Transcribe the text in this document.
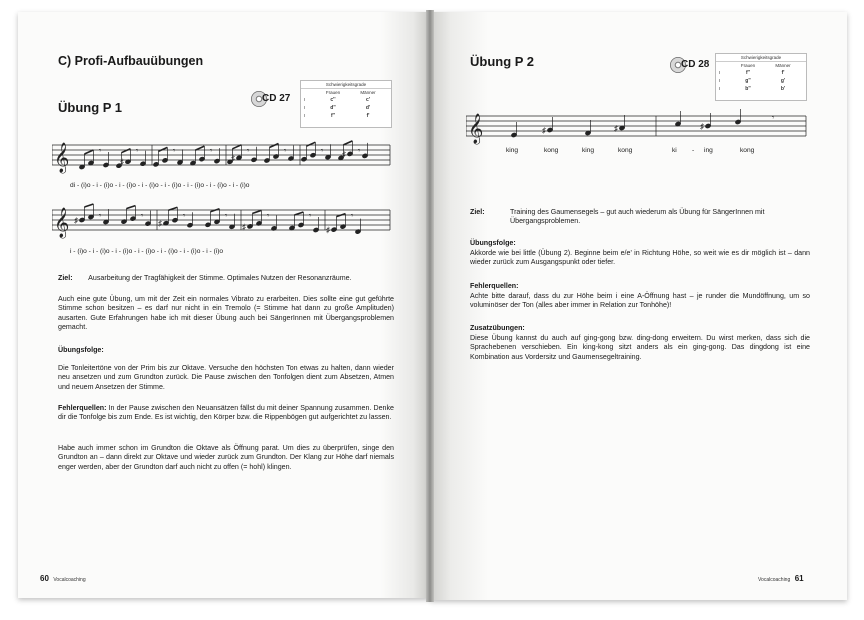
C) Profi-Aufbauübungen
Übung P 1
CD 27
Schwierigkeitsgrade
Frauen	Männer
I	c''	c'
I	d''	d'
I	f''	f'
𝄞	𝄾
♯
𝄾	𝄾	𝄾
♯
𝄾	𝄾	𝄾 ♯ 𝄾
di - (i)o - i - (i)o - i - (i)o - i - (i)o - i - (i)o - i - (i)o - i - (i)o - i - (i)o
𝄞 ♯
𝄾	𝄾
♯
𝄾	𝄾
♯
𝄾	𝄾
♯
𝄾
i - (i)o - i - (i)o - i - (i)o - i - (i)o - i - (i)o - i - (i)o - i - (i)o
Ziel: Ausarbeitung der Tragfähigkeit der Stimme. Optimales Nutzen der Resonanzräume.
Auch eine gute Übung, um mit der Zeit ein normales Vibrato zu erarbeiten. Dies sollte eine gut geführte Stimme schon besitzen – es darf nur nicht in ein Tremolo (= Stimme hat dann zu große Amplituden) ausarten. Gute Erfahrungen habe ich mit dieser Übung auch bei SängerInnen mit Übergangsproblemen gemacht.
Übungsfolge:
Die Tonleitertöne von der Prim bis zur Oktave. Versuche den höchsten Ton etwas zu halten, dann wieder neu ansetzen und zum Grundton zurück. Die Pause zwischen den Tonfolgen dient zum Absetzen, Atmen und neuem Ansetzen der Stimme.
Fehlerquellen: In der Pause zwischen den Neuansätzen fällst du mit deiner Spannung zusammen. Denke dir die Tonfolge bis zum Ende. Es ist wichtig, den Körper bzw. die Rippenbögen gut aufgerichtet zu lassen.
Habe auch immer schon im Grundton die Oktave als Öffnung parat. Um dies zu überprüfen, singe den Grundton an – dann direkt zur Oktave und wieder zurück zum Grundton. Der Klang zur Höhe darf niemals enger werden, aber der Grundton darf auch nicht zu offen (= hohl) klingen.
60 Vocalcoaching
Übung P 2	CD 28
Schwierigkeitsgrade
Frauen	Männer
I	f''	f'
I	g''	g'
I	b''	b'
𝄞	♯	♯	♯
𝄾
king	kong	king	kong	ki - ing	kong
Ziel:	Training des Gaumensegels – gut auch wiederum als Übung für SängerInnen mit Übergangsproblemen.
Übungsfolge:
Akkorde wie bei little (Übung 2). Beginne beim e/e' in Richtung Höhe, so weit wie es dir möglich ist – dann wieder zurück zum Ausgangspunkt oder tiefer.
Fehlerquellen:
Achte bitte darauf, dass du zur Höhe beim i eine A-Öffnung hast – je runder die Mundöffnung, um so voluminöser der Ton (alles aber immer in Relation zur Tonhöhe)!
Zusatzübungen:
Diese Übung kannst du auch auf ging-gong bzw. ding-dong erweitern. Du wirst merken, dass sich die Sprachebenen verschieben. Ein king-kong sitzt anders als ein ging-gong. Das dingdong ist eine Kombination aus Vordersitz und Gaumensegeltraining.
Vocalcoaching 61
